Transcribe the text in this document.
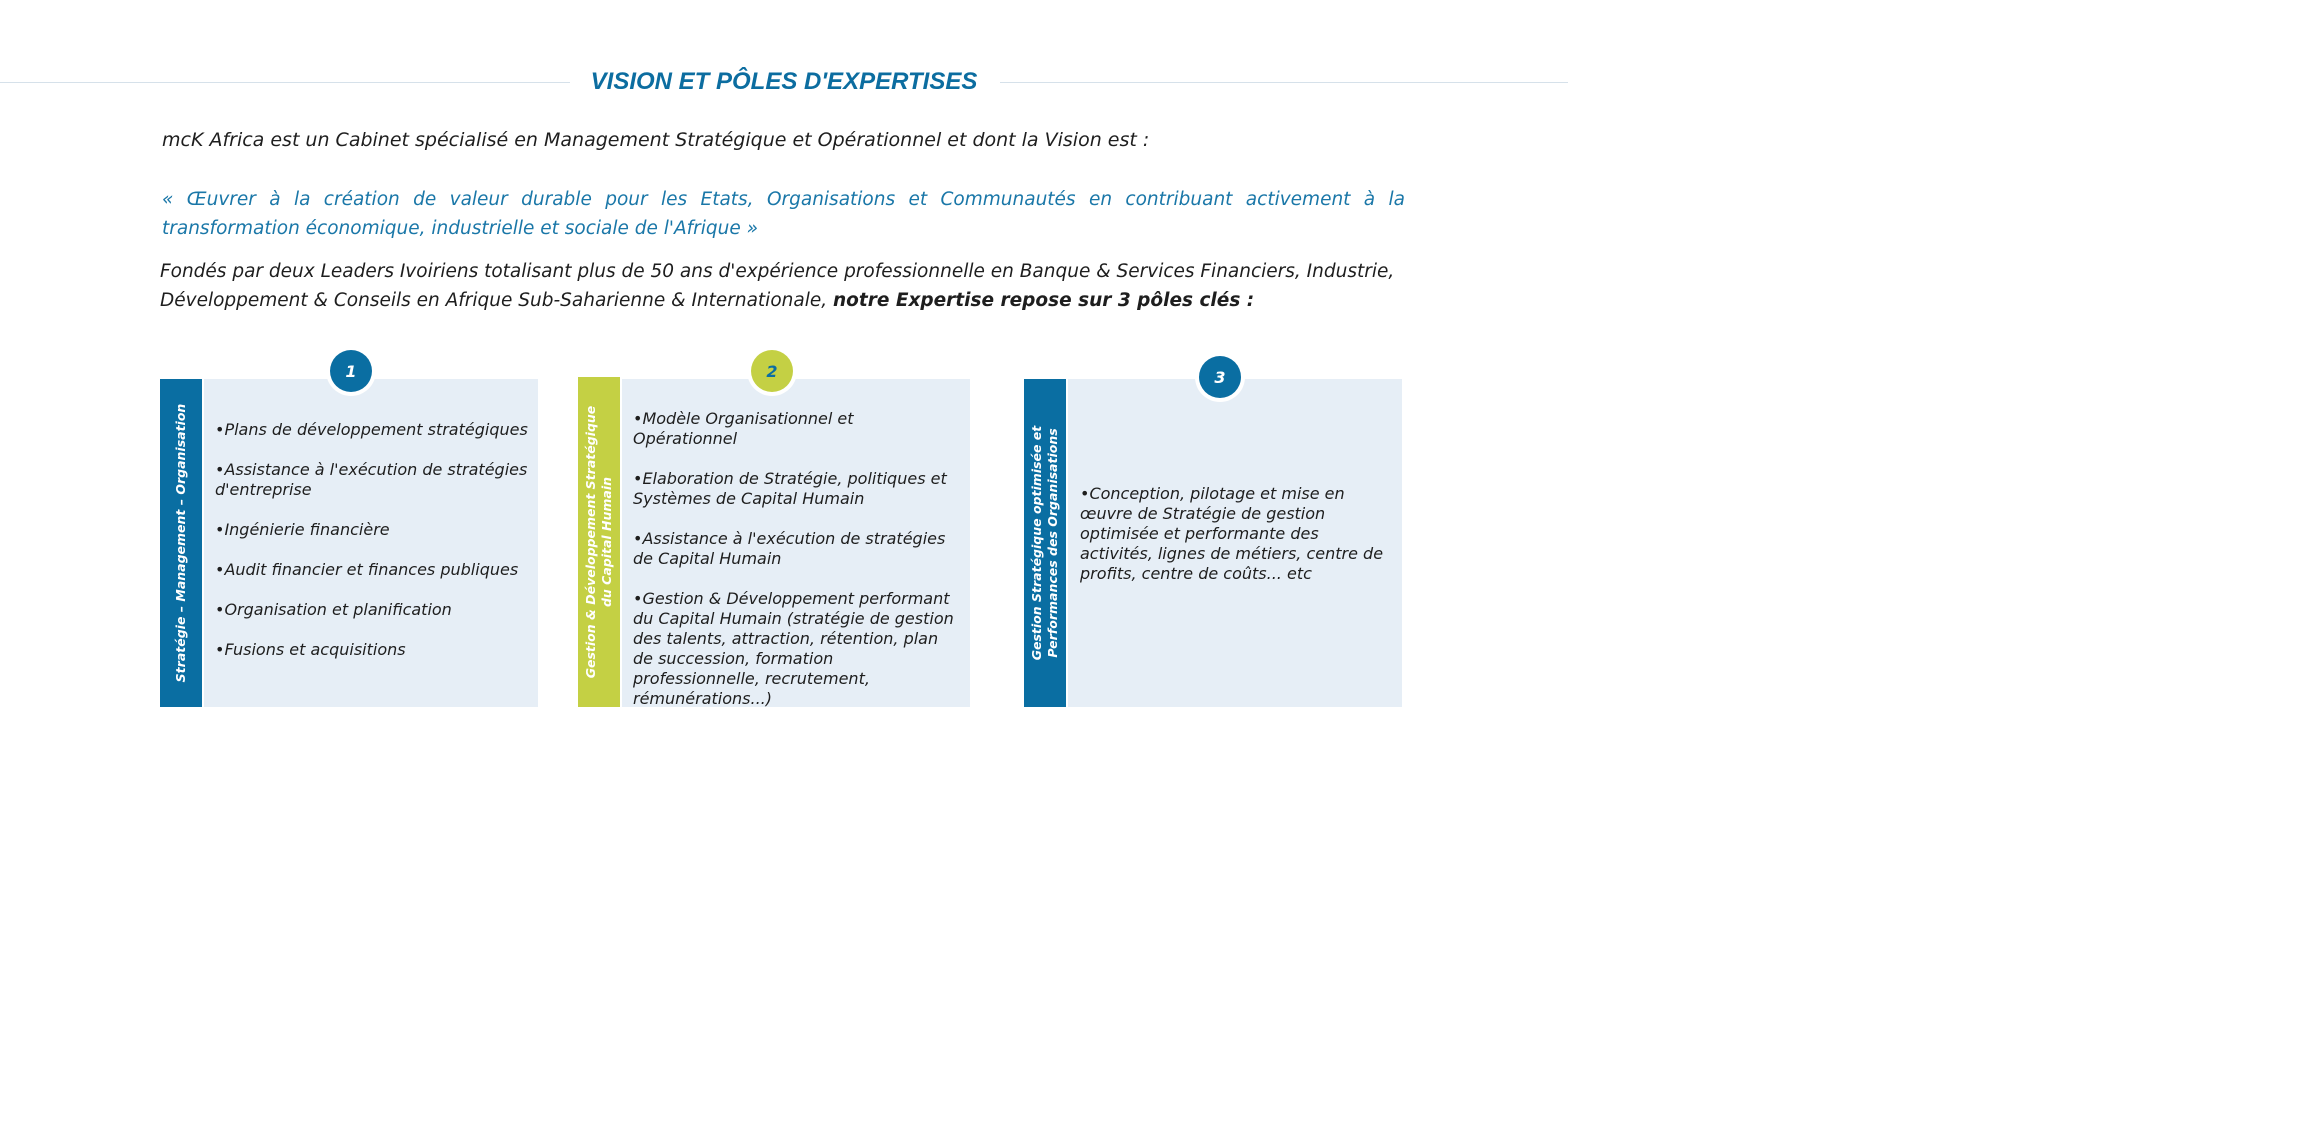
VISION ET PÔLES D'EXPERTISES

mcK Africa est un Cabinet spécialisé en Management Stratégique et Opérationnel et dont la Vision est :

« Œuvrer à la création de valeur durable pour les Etats, Organisations et Communautés en contribuant activement à la transformation économique, industrielle et sociale de l'Afrique »

Fondés par deux Leaders Ivoiriens totalisant plus de 50 ans d'expérience professionnelle en Banque & Services Financiers, Industrie, Développement & Conseils en Afrique Sub-Saharienne & Internationale, notre Expertise repose sur 3 pôles clés :

Stratégie – Management – Organisation
1
•Plans de développement stratégiques
•Assistance à l'exécution de stratégies d'entreprise
•Ingénierie financière
•Audit financier et finances publiques
•Organisation et planification
•Fusions et acquisitions	Gestion & Développement Stratégique du Capital Humain
2
•Modèle Organisationnel et Opérationnel
•Elaboration de Stratégie, politiques et Systèmes de Capital Humain
•Assistance à l'exécution de stratégies de Capital Humain
•Gestion & Développement performant du Capital Humain (stratégie de gestion des talents, attraction, rétention, plan de succession, formation professionnelle, recrutement, rémunérations...)
Gestion Stratégique optimisée et Performances des Organisations
3
•Conception, pilotage et mise en œuvre de Stratégie de gestion optimisée et performante des activités, lignes de métiers, centre de profits, centre de coûts... etc
